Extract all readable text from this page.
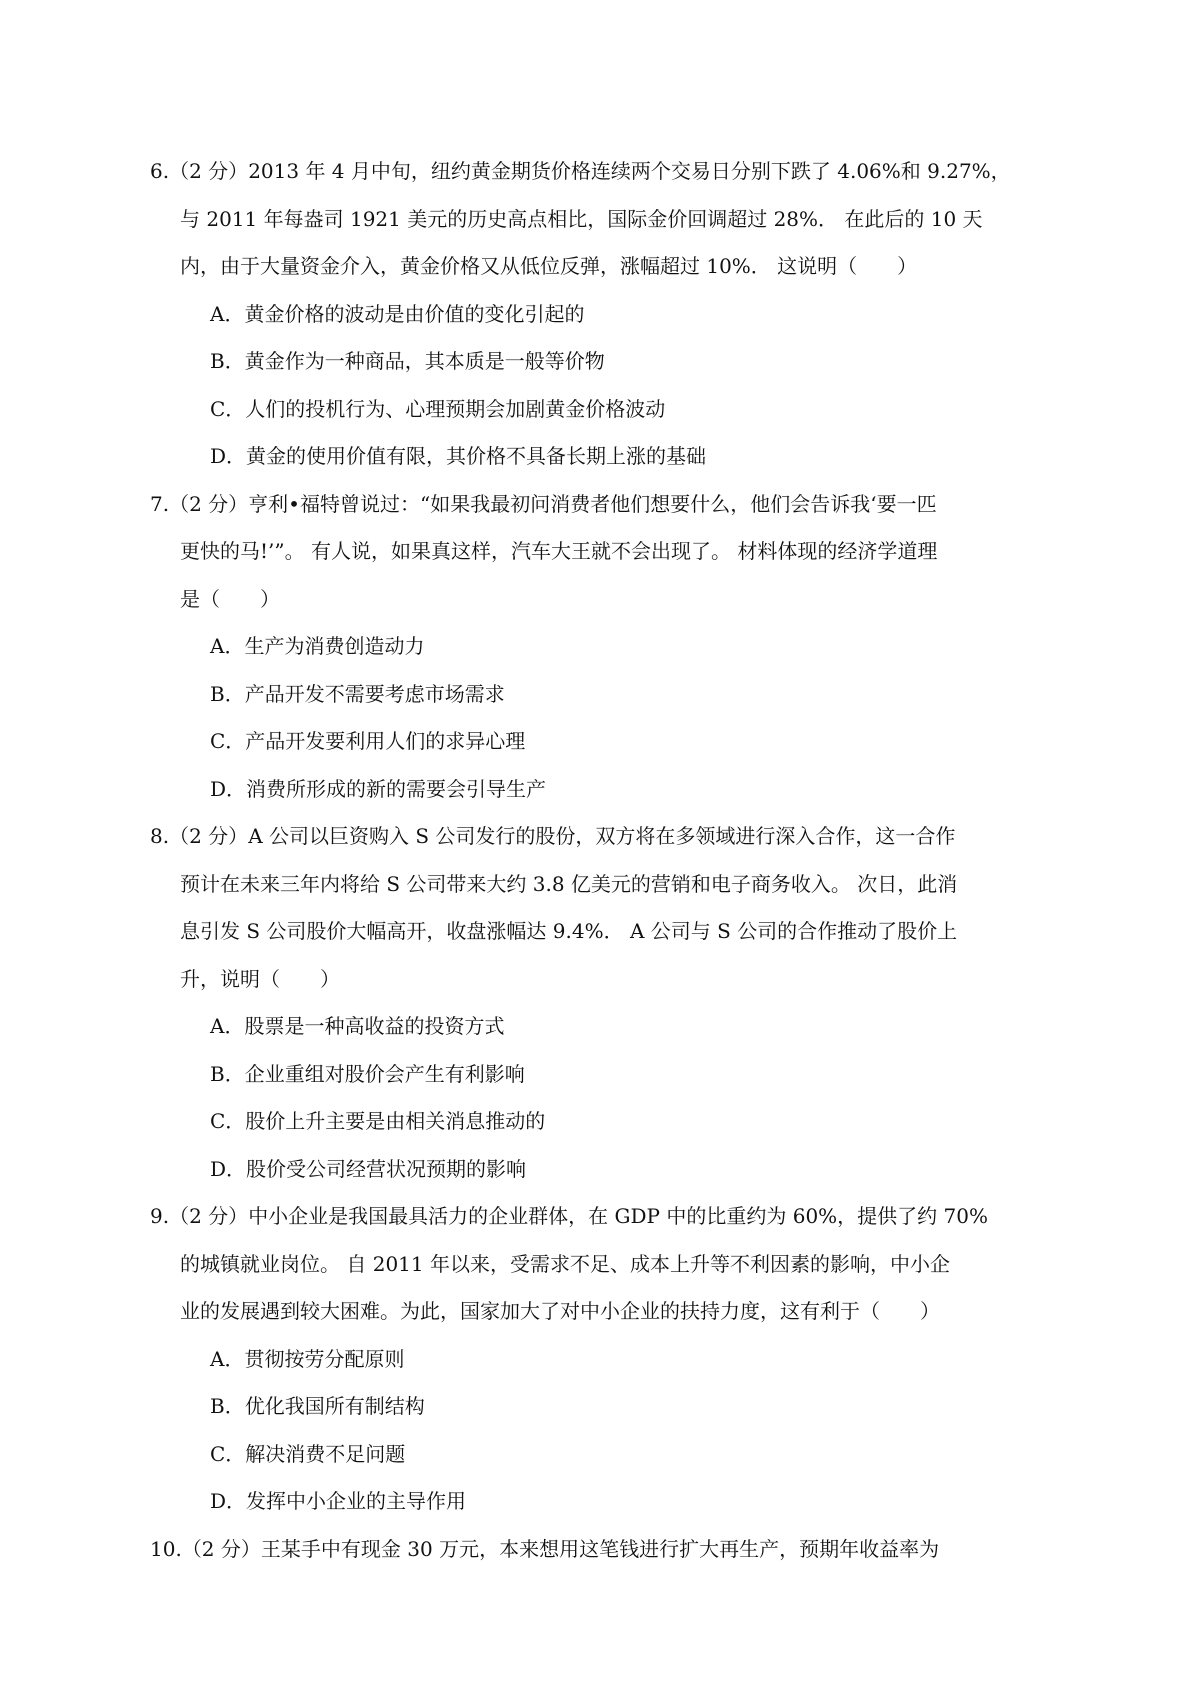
6.（2 分）2013 年 4 月中旬，纽约黄金期货价格连续两个交易日分别下跌了 4.06%和 9.27%，
与 2011 年每盎司 1921 美元的历史高点相比，国际金价回调超过 28%． 在此后的 10 天
内，由于大量资金介入，黄金价格又从低位反弹，涨幅超过 10%． 这说明（　　）
A．黄金价格的波动是由价值的变化引起的
B．黄金作为一种商品，其本质是一般等价物
C．人们的投机行为、心理预期会加剧黄金价格波动
D．黄金的使用价值有限，其价格不具备长期上涨的基础
7.（2 分）亨利•福特曾说过：“如果我最初问消费者他们想要什么，他们会告诉我‘要一匹
更快的马!’”。 有人说，如果真这样，汽车大王就不会出现了。 材料体现的经济学道理
是（　　）
A．生产为消费创造动力
B．产品开发不需要考虑市场需求
C．产品开发要利用人们的求异心理
D．消费所形成的新的需要会引导生产
8.（2 分）A 公司以巨资购入 S 公司发行的股份，双方将在多领域进行深入合作，这一合作
预计在未来三年内将给 S 公司带来大约 3.8 亿美元的营销和电子商务收入。 次日，此消
息引发 S 公司股价大幅高开，收盘涨幅达 9.4%． A 公司与 S 公司的合作推动了股价上
升，说明（　　）
A．股票是一种高收益的投资方式
B．企业重组对股价会产生有利影响
C．股价上升主要是由相关消息推动的
D．股价受公司经营状况预期的影响
9.（2 分）中小企业是我国最具活力的企业群体，在 GDP 中的比重约为 60%，提供了约 70%
的城镇就业岗位。 自 2011 年以来，受需求不足、成本上升等不利因素的影响，中小企
业的发展遇到较大困难。为此，国家加大了对中小企业的扶持力度，这有利于（　　）
A．贯彻按劳分配原则
B．优化我国所有制结构
C．解决消费不足问题
D．发挥中小企业的主导作用
10.（2 分）王某手中有现金 30 万元，本来想用这笔钱进行扩大再生产，预期年收益率为
